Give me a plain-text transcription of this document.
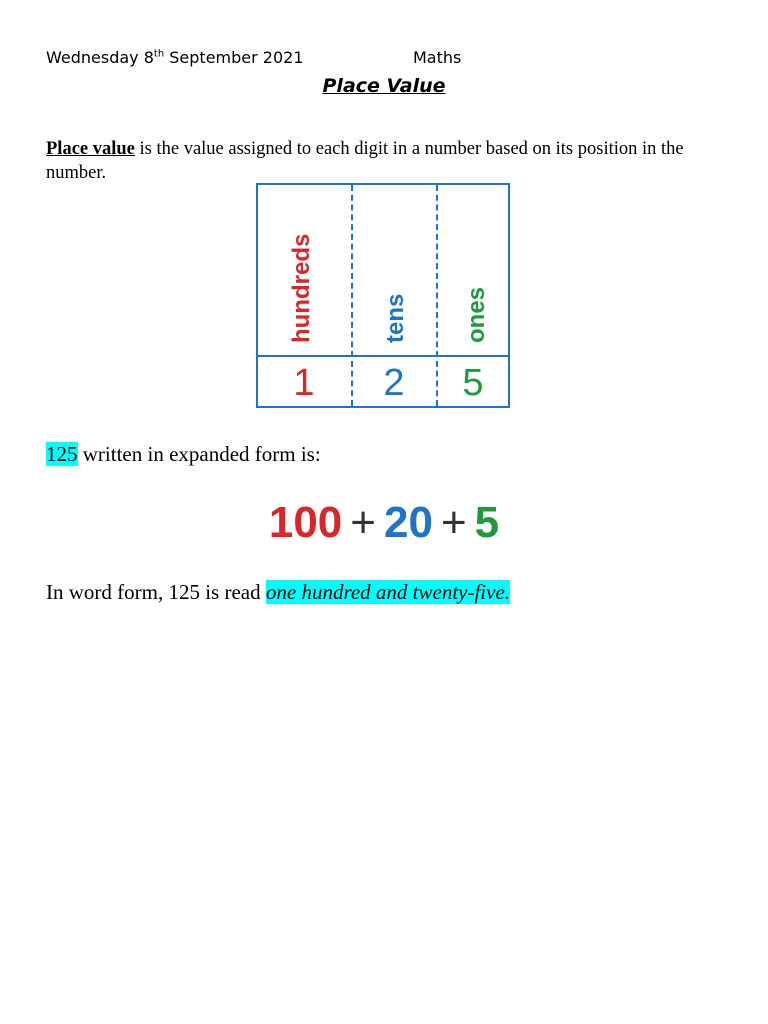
Wednesday 8th September 2021	Maths
Place Value
Place value is the value assigned to each digit in a number based on its position in the number.
hundreds	tens ones
1	2	5
125 written in expanded form is:
100 + 20 + 5
In word form, 125 is read one hundred and twenty-five.
